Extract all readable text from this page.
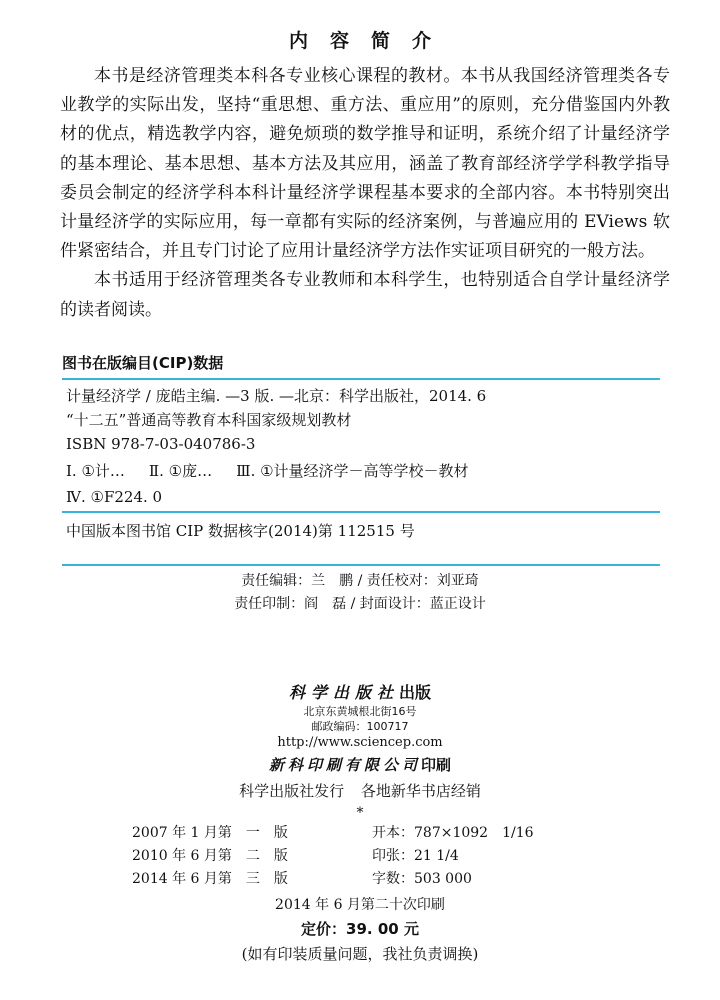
内容简介

本书是经济管理类本科各专业核心课程的教材。本书从我国经济管理类各专业教学的实际出发，坚持“重思想、重方法、重应用”的原则，充分借鉴国内外教材的优点，精选教学内容，避免烦琐的数学推导和证明，系统介绍了计量经济学的基本理论、基本思想、基本方法及其应用，涵盖了教育部经济学学科教学指导委员会制定的经济学科本科计量经济学课程基本要求的全部内容。本书特别突出计量经济学的实际应用，每一章都有实际的经济案例，与普遍应用的 EViews 软件紧密结合，并且专门讨论了应用计量经济学方法作实证项目研究的一般方法。

本书适用于经济管理类各专业教师和本科学生，也特别适合自学计量经济学的读者阅读。

图书在版编目(CIP)数据
计量经济学 / 庞皓主编. —3 版. —北京：科学出版社，2014. 6
“十二五”普通高等教育本科国家级规划教材
ISBN 978-7-03-040786-3
Ⅰ. ①计… Ⅱ. ①庞… Ⅲ. ①计量经济学－高等学校－教材
Ⅳ. ①F224. 0
中国版本图书馆 CIP 数据核字(2014)第 112515 号
责任编辑：兰　鹏 / 责任校对：刘亚琦
责任印制：阎　磊 / 封面设计：蓝正设计
科学出版社出版
北京东黄城根北街16号
邮政编码：100717
http://www.sciencep.com
新科印刷有限公司印刷
科学出版社发行 各地新华书店经销
*
2007 年 1 月第　一　版	开本：787×1092　1/16
2010 年 6 月第　二　版	印张：21 1/4
2014 年 6 月第　三　版	字数：503 000
2014 年 6 月第二十次印刷
定价：39. 00 元
(如有印装质量问题，我社负责调换)
